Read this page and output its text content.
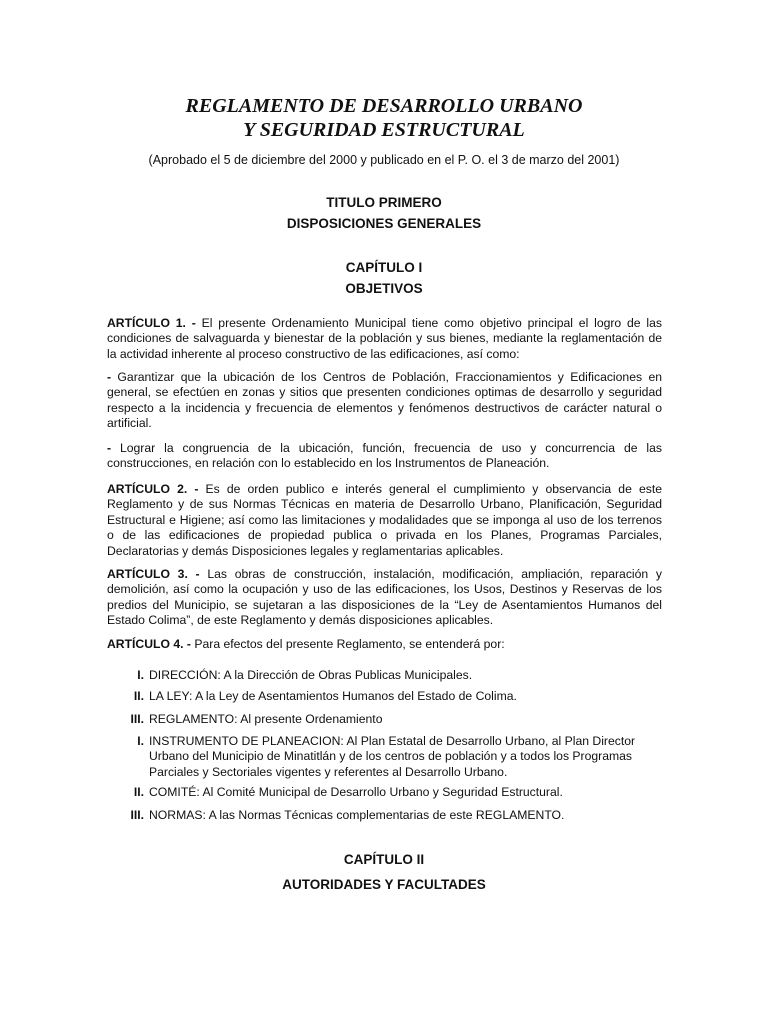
REGLAMENTO DE DESARROLLO URBANO

Y SEGURIDAD ESTRUCTURAL

(Aprobado el 5 de diciembre del 2000 y publicado en el P. O. el 3 de marzo del 2001)

TITULO PRIMERO

DISPOSICIONES GENERALES

CAPÍTULO I

OBJETIVOS

ARTÍCULO 1. - El presente Ordenamiento Municipal tiene como objetivo principal el logro de las condiciones de salvaguarda y bienestar de la población y sus bienes, mediante la reglamentación de la actividad inherente al proceso constructivo de las edificaciones, así como:

- Garantizar que la ubicación de los Centros de Población, Fraccionamientos y Edificaciones en general, se efectúen en zonas y sitios que presenten condiciones optimas de desarrollo y seguridad respecto a la incidencia y frecuencia de elementos y fenómenos destructivos de carácter natural o artificial.

- Lograr la congruencia de la ubicación, función, frecuencia de uso y concurrencia de las construcciones, en relación con lo establecido en los Instrumentos de Planeación.

ARTÍCULO 2. - Es de orden publico e interés general el cumplimiento y observancia de este Reglamento y de sus Normas Técnicas en materia de Desarrollo Urbano, Planificación, Seguridad Estructural e Higiene; así como las limitaciones y modalidades que se imponga al uso de los terrenos o de las edificaciones de propiedad publica o privada en los Planes, Programas Parciales, Declaratorias y demás Disposiciones legales y reglamentarias aplicables.

ARTÍCULO 3. - Las obras de construcción, instalación, modificación, ampliación, reparación y demolición, así como la ocupación y uso de las edificaciones, los Usos, Destinos y Reservas de los predios del Municipio, se sujetaran a las disposiciones de la “Ley de Asentamientos Humanos del Estado Colima”, de este Reglamento y demás disposiciones aplicables.

ARTÍCULO 4. - Para efectos del presente Reglamento, se entenderá por:

I. DIRECCIÓN: A la Dirección de Obras Publicas Municipales.
II. LA LEY: A la Ley de Asentamientos Humanos del Estado de Colima.
III. REGLAMENTO: Al presente Ordenamiento
I. INSTRUMENTO DE PLANEACION: Al Plan Estatal de Desarrollo Urbano, al Plan Director Urbano del Municipio de Minatitlán y de los centros de población y a todos los Programas Parciales y Sectoriales vigentes y referentes al Desarrollo Urbano.
II. COMITÉ: Al Comité Municipal de Desarrollo Urbano y Seguridad Estructural.
III. NORMAS: A las Normas Técnicas complementarias de este REGLAMENTO.

CAPÍTULO II

AUTORIDADES Y FACULTADES
